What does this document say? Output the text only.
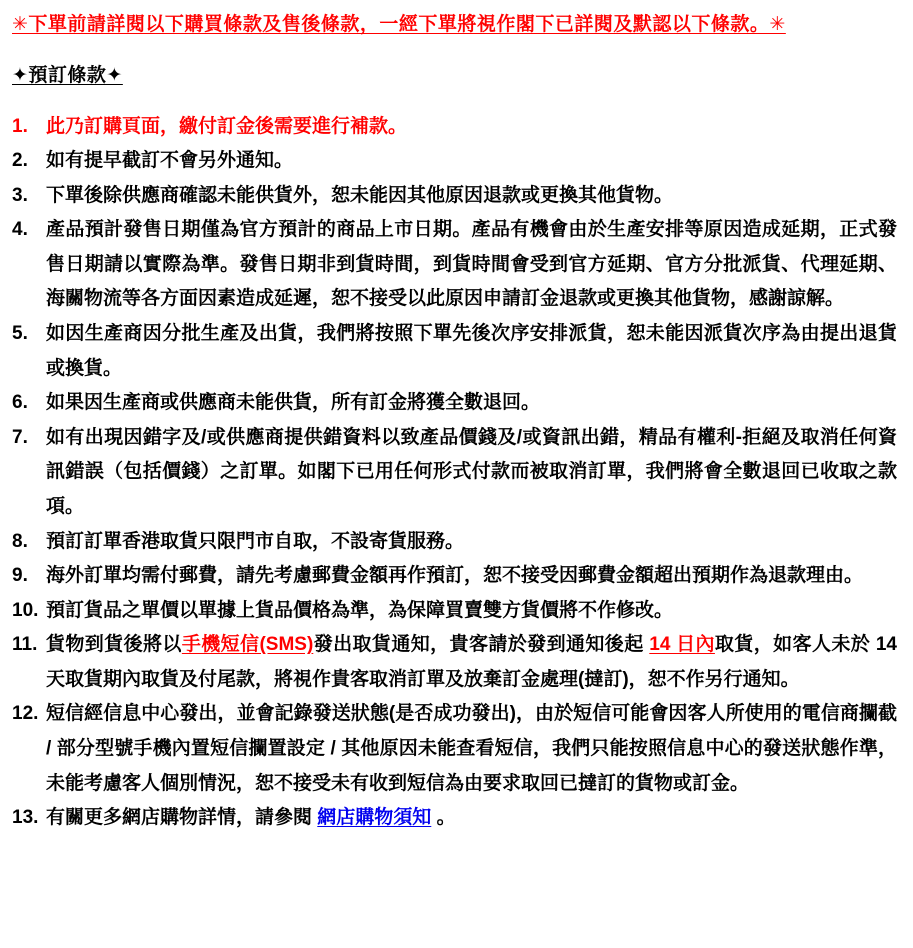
✳下單前請詳閱以下購買條款及售後條款，一經下單將視作閣下已詳閱及默認以下條款。✳
✦預訂條款✦
1. 此乃訂購頁面，繳付訂金後需要進行補款。
2. 如有提早截訂不會另外通知。
3. 下單後除供應商確認未能供貨外，恕未能因其他原因退款或更換其他貨物。
4. 產品預計發售日期僅為官方預計的商品上市日期。產品有機會由於生產安排等原因造成延期，正式發售日期請以實際為準。發售日期非到貨時間，到貨時間會受到官方延期、官方分批派貨、代理延期、海關物流等各方面因素造成延遲，恕不接受以此原因申請訂金退款或更換其他貨物，感謝諒解。
5. 如因生產商因分批生產及出貨，我們將按照下單先後次序安排派貨，恕未能因派貨次序為由提出退貨或換貨。
6. 如果因生產商或供應商未能供貨，所有訂金將獲全數退回。
7. 如有出現因錯字及/或供應商提供錯資料以致產品價錢及/或資訊出錯，精品有權利-拒絕及取消任何資訊錯誤（包括價錢）之訂單。如閣下已用任何形式付款而被取消訂單，我們將會全數退回已收取之款項。
8. 預訂訂單香港取貨只限門市自取，不設寄貨服務。
9. 海外訂單均需付郵費，請先考慮郵費金額再作預訂，恕不接受因郵費金額超出預期作為退款理由。
10. 預訂貨品之單價以單據上貨品價格為準，為保障買賣雙方貨價將不作修改。
11. 貨物到貨後將以手機短信(SMS)發出取貨通知，貴客請於發到通知後起 14 日內取貨，如客人未於 14 天取貨期內取貨及付尾款，將視作貴客取消訂單及放棄訂金處理(撻訂)，恕不作另行通知。
12. 短信經信息中心發出，並會記錄發送狀態(是否成功發出)，由於短信可能會因客人所使用的電信商攔截 / 部分型號手機內置短信攔置設定 / 其他原因未能查看短信，我們只能按照信息中心的發送狀態作準，未能考慮客人個別情況，恕不接受未有收到短信為由要求取回已撻訂的貨物或訂金。
13. 有關更多網店購物詳情，請參閱 網店購物須知 。
